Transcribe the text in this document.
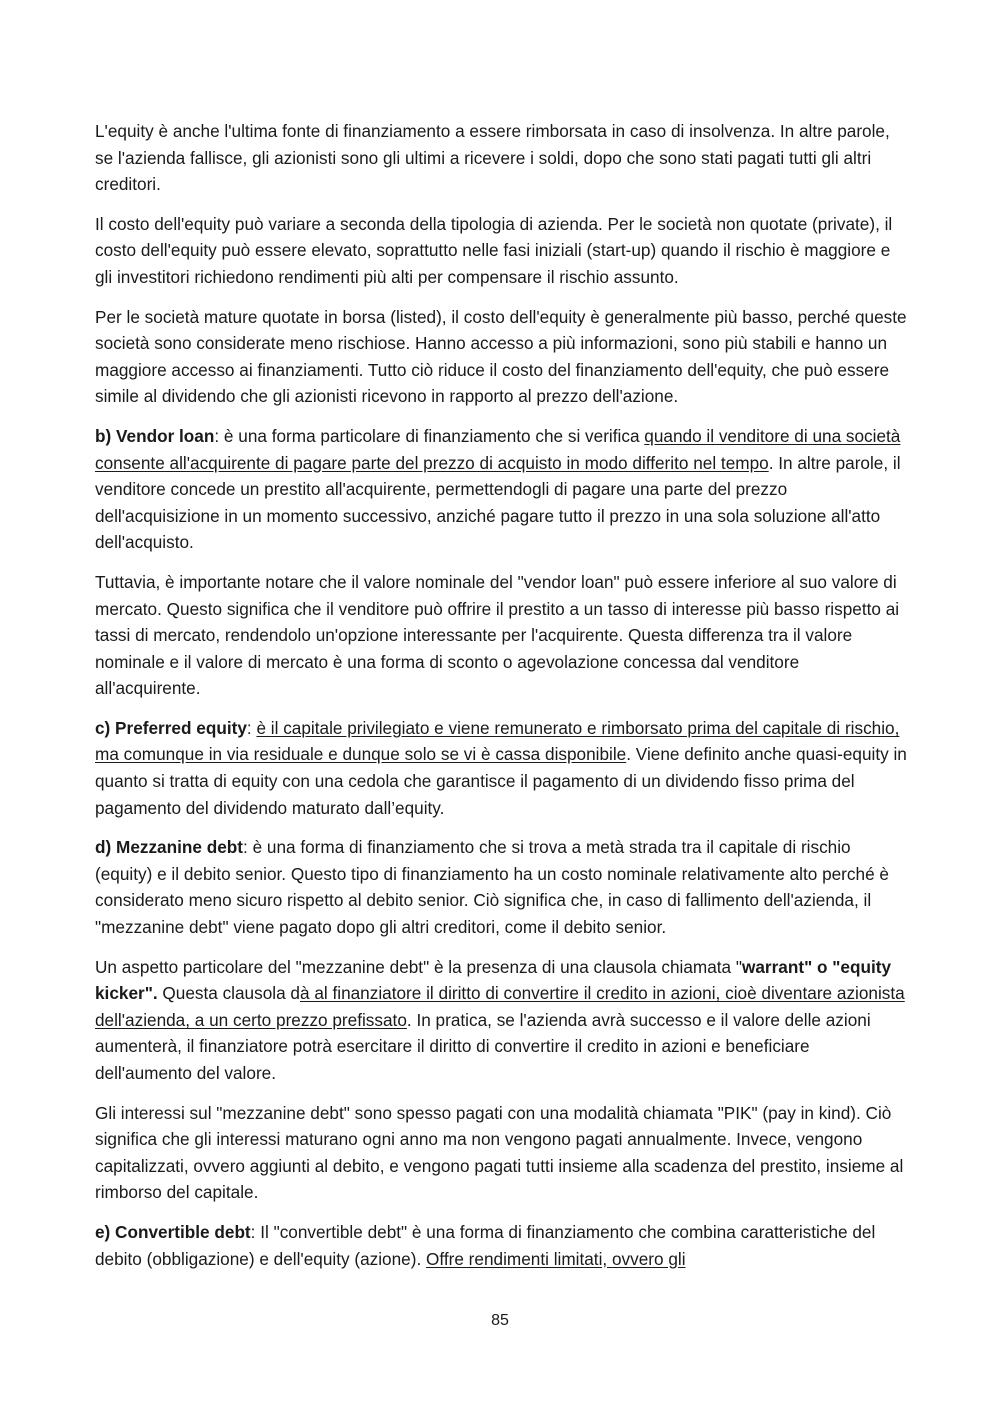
L'equity è anche l'ultima fonte di finanziamento a essere rimborsata in caso di insolvenza. In altre parole, se l'azienda fallisce, gli azionisti sono gli ultimi a ricevere i soldi, dopo che sono stati pagati tutti gli altri creditori.

Il costo dell'equity può variare a seconda della tipologia di azienda. Per le società non quotate (private), il costo dell'equity può essere elevato, soprattutto nelle fasi iniziali (start-up) quando il rischio è maggiore e gli investitori richiedono rendimenti più alti per compensare il rischio assunto.

Per le società mature quotate in borsa (listed), il costo dell'equity è generalmente più basso, perché queste società sono considerate meno rischiose. Hanno accesso a più informazioni, sono più stabili e hanno un maggiore accesso ai finanziamenti. Tutto ciò riduce il costo del finanziamento dell'equity, che può essere simile al dividendo che gli azionisti ricevono in rapporto al prezzo dell'azione.

b) Vendor loan: è una forma particolare di finanziamento che si verifica quando il venditore di una società consente all'acquirente di pagare parte del prezzo di acquisto in modo differito nel tempo. In altre parole, il venditore concede un prestito all'acquirente, permettendogli di pagare una parte del prezzo dell'acquisizione in un momento successivo, anziché pagare tutto il prezzo in una sola soluzione all'atto dell'acquisto.

Tuttavia, è importante notare che il valore nominale del "vendor loan" può essere inferiore al suo valore di mercato. Questo significa che il venditore può offrire il prestito a un tasso di interesse più basso rispetto ai tassi di mercato, rendendolo un'opzione interessante per l'acquirente. Questa differenza tra il valore nominale e il valore di mercato è una forma di sconto o agevolazione concessa dal venditore all'acquirente.

c) Preferred equity: è il capitale privilegiato e viene remunerato e rimborsato prima del capitale di rischio, ma comunque in via residuale e dunque solo se vi è cassa disponibile. Viene definito anche quasi-equity in quanto si tratta di equity con una cedola che garantisce il pagamento di un dividendo fisso prima del pagamento del dividendo maturato dall’equity.

d) Mezzanine debt: è una forma di finanziamento che si trova a metà strada tra il capitale di rischio (equity) e il debito senior. Questo tipo di finanziamento ha un costo nominale relativamente alto perché è considerato meno sicuro rispetto al debito senior. Ciò significa che, in caso di fallimento dell'azienda, il "mezzanine debt" viene pagato dopo gli altri creditori, come il debito senior.

Un aspetto particolare del "mezzanine debt" è la presenza di una clausola chiamata "warrant" o "equity kicker". Questa clausola dà al finanziatore il diritto di convertire il credito in azioni, cioè diventare azionista dell'azienda, a un certo prezzo prefissato. In pratica, se l'azienda avrà successo e il valore delle azioni aumenterà, il finanziatore potrà esercitare il diritto di convertire il credito in azioni e beneficiare dell'aumento del valore.

Gli interessi sul "mezzanine debt" sono spesso pagati con una modalità chiamata "PIK" (pay in kind). Ciò significa che gli interessi maturano ogni anno ma non vengono pagati annualmente. Invece, vengono capitalizzati, ovvero aggiunti al debito, e vengono pagati tutti insieme alla scadenza del prestito, insieme al rimborso del capitale.

e) Convertible debt: Il "convertible debt" è una forma di finanziamento che combina caratteristiche del debito (obbligazione) e dell'equity (azione). Offre rendimenti limitati, ovvero gli

85
